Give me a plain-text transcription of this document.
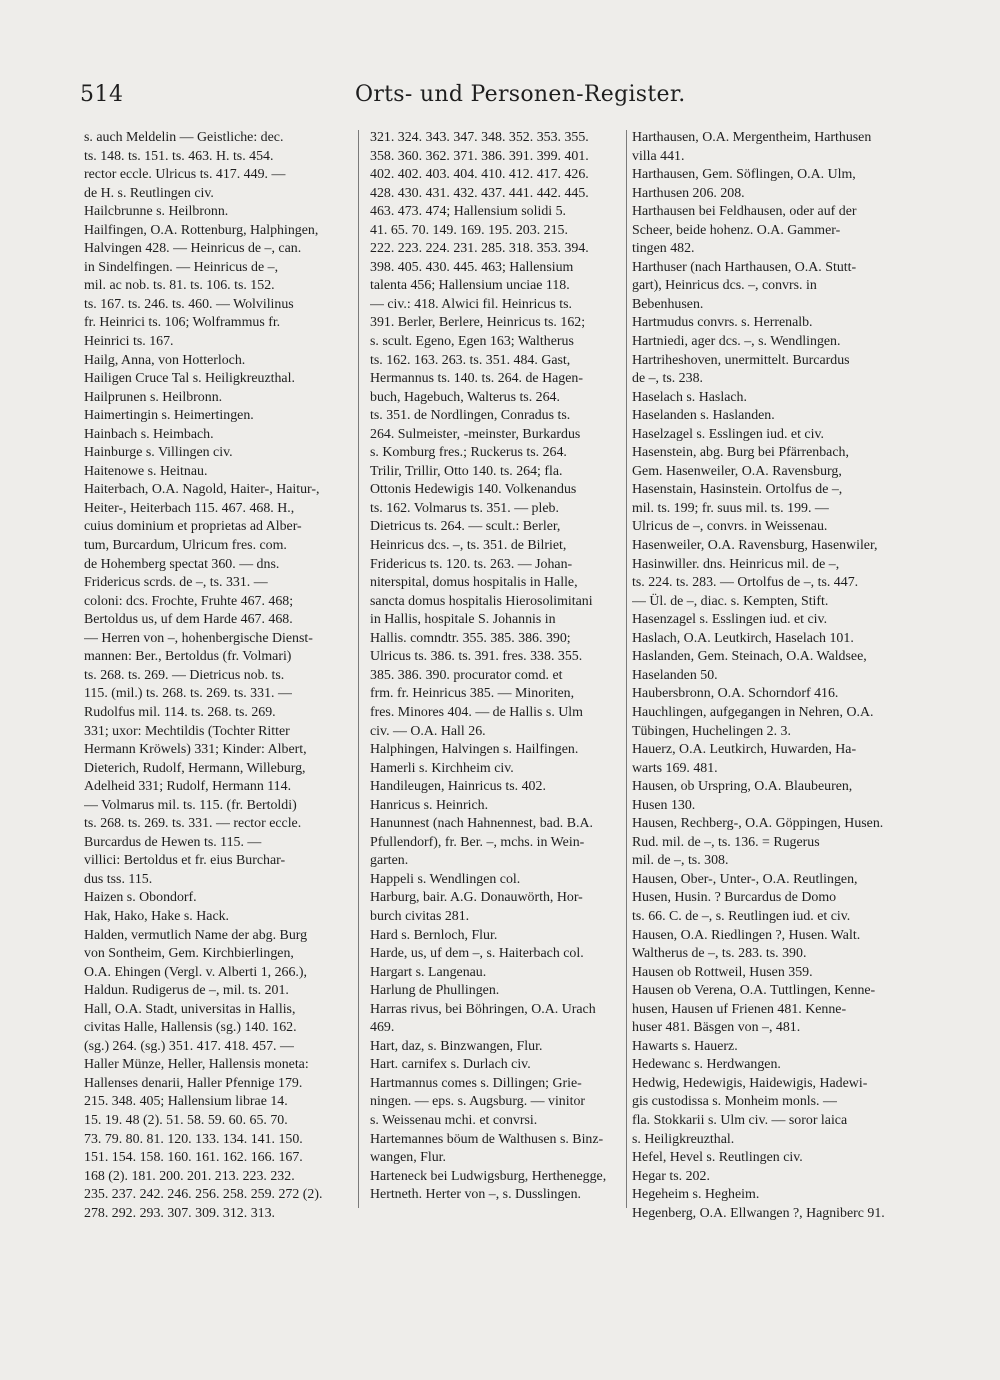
514	Orts- und Personen-Register.

s. auch Meldelin — Geistliche: dec.

ts. 148. ts. 151. ts. 463. H. ts. 454.

rector eccle. Ulricus ts. 417. 449. —

de H. s. Reutlingen civ.

Hailcbrunne s. Heilbronn.

Hailfingen, O.A. Rottenburg, Halphingen,

Halvingen 428. — Heinricus de –, can.

in Sindelfingen. — Heinricus de –,

mil. ac nob. ts. 81. ts. 106. ts. 152.

ts. 167. ts. 246. ts. 460. — Wolvilinus

fr. Heinrici ts. 106; Wolframmus fr.

Heinrici ts. 167.

Hailg, Anna, von Hotterloch.

Hailigen Cruce Tal s. Heiligkreuzthal.

Hailprunen s. Heilbronn.

Haimertingin s. Heimertingen.

Hainbach s. Heimbach.

Hainburge s. Villingen civ.

Haitenowe s. Heitnau.

Haiterbach, O.A. Nagold, Haiter-, Haitur-,

Heiter-, Heiterbach 115. 467. 468. H.,

cuius dominium et proprietas ad Alber-

tum, Burcardum, Ulricum fres. com.

de Hohemberg spectat 360. — dns.

Fridericus scrds. de –, ts. 331. —

coloni: dcs. Frochte, Fruhte 467. 468;

Bertoldus us, uf dem Harde 467. 468.

— Herren von –, hohenbergische Dienst-

mannen: Ber., Bertoldus (fr. Volmari)

ts. 268. ts. 269. — Dietricus nob. ts.

115. (mil.) ts. 268. ts. 269. ts. 331. —

Rudolfus mil. 114. ts. 268. ts. 269.

331; uxor: Mechtildis (Tochter Ritter

Hermann Kröwels) 331; Kinder: Albert,

Dieterich, Rudolf, Hermann, Willeburg,

Adelheid 331; Rudolf, Hermann 114.

— Volmarus mil. ts. 115. (fr. Bertoldi)

ts. 268. ts. 269. ts. 331. — rector eccle.

Burcardus de Hewen ts. 115. —

villici: Bertoldus et fr. eius Burchar-

dus tss. 115.

Haizen s. Obondorf.

Hak, Hako, Hake s. Hack.

Halden, vermutlich Name der abg. Burg

von Sontheim, Gem. Kirchbierlingen,

O.A. Ehingen (Vergl. v. Alberti 1, 266.),

Haldun. Rudigerus de –, mil. ts. 201.

Hall, O.A. Stadt, universitas in Hallis,

civitas Halle, Hallensis (sg.) 140. 162.

(sg.) 264. (sg.) 351. 417. 418. 457. —

Haller Münze, Heller, Hallensis moneta:

Hallenses denarii, Haller Pfennige 179.

215. 348. 405; Hallensium librae 14.

15. 19. 48 (2). 51. 58. 59. 60. 65. 70.

73. 79. 80. 81. 120. 133. 134. 141. 150.

151. 154. 158. 160. 161. 162. 166. 167.

168 (2). 181. 200. 201. 213. 223. 232.

235. 237. 242. 246. 256. 258. 259. 272 (2).

278. 292. 293. 307. 309. 312. 313.

321. 324. 343. 347. 348. 352. 353. 355.

358. 360. 362. 371. 386. 391. 399. 401.

402. 402. 403. 404. 410. 412. 417. 426.

428. 430. 431. 432. 437. 441. 442. 445.

463. 473. 474; Hallensium solidi 5.

41. 65. 70. 149. 169. 195. 203. 215.

222. 223. 224. 231. 285. 318. 353. 394.

398. 405. 430. 445. 463; Hallensium

talenta 456; Hallensium unciae 118.

— civ.: 418. Alwici fil. Heinricus ts.

391. Berler, Berlere, Heinricus ts. 162;

s. scult. Egeno, Egen 163; Waltherus

ts. 162. 163. 263. ts. 351. 484. Gast,

Hermannus ts. 140. ts. 264. de Hagen-

buch, Hagebuch, Walterus ts. 264.

ts. 351. de Nordlingen, Conradus ts.

264. Sulmeister, -meinster, Burkardus

s. Komburg fres.; Ruckerus ts. 264.

Trilir, Trillir, Otto 140. ts. 264; fla.

Ottonis Hedewigis 140. Volkenandus

ts. 162. Volmarus ts. 351. — pleb.

Dietricus ts. 264. — scult.: Berler,

Heinricus dcs. –, ts. 351. de Bilriet,

Fridericus ts. 120. ts. 263. — Johan-

niterspital, domus hospitalis in Halle,

sancta domus hospitalis Hierosolimitani

in Hallis, hospitale S. Johannis in

Hallis. comndtr. 355. 385. 386. 390;

Ulricus ts. 386. ts. 391. fres. 338. 355.

385. 386. 390. procurator comd. et

frm. fr. Heinricus 385. — Minoriten,

fres. Minores 404. — de Hallis s. Ulm

civ. — O.A. Hall 26.

Halphingen, Halvingen s. Hailfingen.

Hamerli s. Kirchheim civ.

Handileugen, Hainricus ts. 402.

Hanricus s. Heinrich.

Hanunnest (nach Hahnennest, bad. B.A.

Pfullendorf), fr. Ber. –, mchs. in Wein-

garten.

Happeli s. Wendlingen col.

Harburg, bair. A.G. Donauwörth, Hor-

burch civitas 281.

Hard s. Bernloch, Flur.

Harde, us, uf dem –, s. Haiterbach col.

Hargart s. Langenau.

Harlung de Phullingen.

Harras rivus, bei Böhringen, O.A. Urach

469.

Hart, daz, s. Binzwangen, Flur.

Hart. carnifex s. Durlach civ.

Hartmannus comes s. Dillingen; Grie-

ningen. — eps. s. Augsburg. — vinitor

s. Weissenau mchi. et convrsi.

Hartemannes böum de Walthusen s. Binz-

wangen, Flur.

Harteneck bei Ludwigsburg, Herthenegge,

Hertneth. Herter von –, s. Dusslingen.

Harthausen, O.A. Mergentheim, Harthusen

villa 441.

Harthausen, Gem. Söflingen, O.A. Ulm,

Harthusen 206. 208.

Harthausen bei Feldhausen, oder auf der

Scheer, beide hohenz. O.A. Gammer-

tingen 482.

Harthuser (nach Harthausen, O.A. Stutt-

gart), Heinricus dcs. –, convrs. in

Bebenhusen.

Hartmudus convrs. s. Herrenalb.

Hartniedi, ager dcs. –, s. Wendlingen.

Hartriheshoven, unermittelt. Burcardus

de –, ts. 238.

Haselach s. Haslach.

Haselanden s. Haslanden.

Haselzagel s. Esslingen iud. et civ.

Hasenstein, abg. Burg bei Pfärrenbach,

Gem. Hasenweiler, O.A. Ravensburg,

Hasenstain, Hasinstein. Ortolfus de –,

mil. ts. 199; fr. suus mil. ts. 199. —

Ulricus de –, convrs. in Weissenau.

Hasenweiler, O.A. Ravensburg, Hasenwiler,

Hasinwiller. dns. Heinricus mil. de –,

ts. 224. ts. 283. — Ortolfus de –, ts. 447.

— Ül. de –, diac. s. Kempten, Stift.

Hasenzagel s. Esslingen iud. et civ.

Haslach, O.A. Leutkirch, Haselach 101.

Haslanden, Gem. Steinach, O.A. Waldsee,

Haselanden 50.

Haubersbronn, O.A. Schorndorf 416.

Hauchlingen, aufgegangen in Nehren, O.A.

Tübingen, Huchelingen 2. 3.

Hauerz, O.A. Leutkirch, Huwarden, Ha-

warts 169. 481.

Hausen, ob Urspring, O.A. Blaubeuren,

Husen 130.

Hausen, Rechberg-, O.A. Göppingen, Husen.

Rud. mil. de –, ts. 136. = Rugerus

mil. de –, ts. 308.

Hausen, Ober-, Unter-, O.A. Reutlingen,

Husen, Husin. ? Burcardus de Domo

ts. 66. C. de –, s. Reutlingen iud. et civ.

Hausen, O.A. Riedlingen ?, Husen. Walt.

Waltherus de –, ts. 283. ts. 390.

Hausen ob Rottweil, Husen 359.

Hausen ob Verena, O.A. Tuttlingen, Kenne-

husen, Hausen uf Frienen 481. Kenne-

huser 481. Bäsgen von –, 481.

Hawarts s. Hauerz.

Hedewanc s. Herdwangen.

Hedwig, Hedewigis, Haidewigis, Hadewi-

gis custodissa s. Monheim monls. —

fla. Stokkarii s. Ulm civ. — soror laica

s. Heiligkreuzthal.

Hefel, Hevel s. Reutlingen civ.

Hegar ts. 202.

Hegeheim s. Hegheim.

Hegenberg, O.A. Ellwangen ?, Hagniberc 91.
